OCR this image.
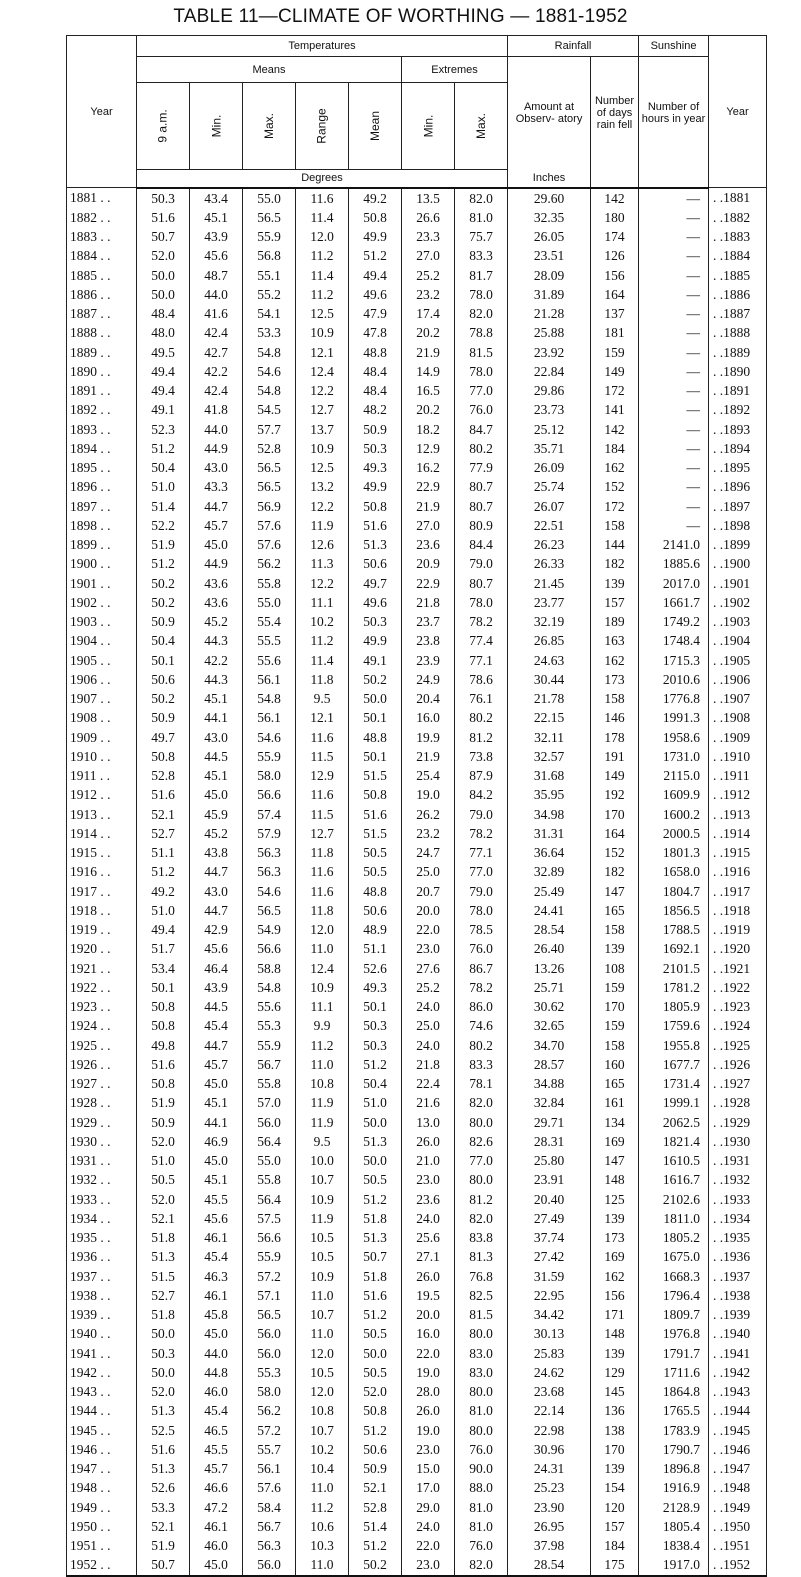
TABLE 11—CLIMATE OF WORTHING — 1881-1952
Year	Temperatures							Rainfall		Sunshine	Year
	Means					Extremes		Amount at Observ- atory	Number of days rain fell	Number of hours in year	
	9 a.m.	Min.	Max.	Range	Mean	Min.	Max.				
	Degrees							Inches			
1881 . .	50.3	43.4	55.0	11.6	49.2	13.5	82.0	29.60	142	—	. .1881
1882 . .	51.6	45.1	56.5	11.4	50.8	26.6	81.0	32.35	180	—	. .1882
1883 . .	50.7	43.9	55.9	12.0	49.9	23.3	75.7	26.05	174	—	. .1883
1884 . .	52.0	45.6	56.8	11.2	51.2	27.0	83.3	23.51	126	—	. .1884
1885 . .	50.0	48.7	55.1	11.4	49.4	25.2	81.7	28.09	156	—	. .1885
1886 . .	50.0	44.0	55.2	11.2	49.6	23.2	78.0	31.89	164	—	. .1886
1887 . .	48.4	41.6	54.1	12.5	47.9	17.4	82.0	21.28	137	—	. .1887
1888 . .	48.0	42.4	53.3	10.9	47.8	20.2	78.8	25.88	181	—	. .1888
1889 . .	49.5	42.7	54.8	12.1	48.8	21.9	81.5	23.92	159	—	. .1889
1890 . .	49.4	42.2	54.6	12.4	48.4	14.9	78.0	22.84	149	—	. .1890
1891 . .	49.4	42.4	54.8	12.2	48.4	16.5	77.0	29.86	172	—	. .1891
1892 . .	49.1	41.8	54.5	12.7	48.2	20.2	76.0	23.73	141	—	. .1892
1893 . .	52.3	44.0	57.7	13.7	50.9	18.2	84.7	25.12	142	—	. .1893
1894 . .	51.2	44.9	52.8	10.9	50.3	12.9	80.2	35.71	184	—	. .1894
1895 . .	50.4	43.0	56.5	12.5	49.3	16.2	77.9	26.09	162	—	. .1895
1896 . .	51.0	43.3	56.5	13.2	49.9	22.9	80.7	25.74	152	—	. .1896
1897 . .	51.4	44.7	56.9	12.2	50.8	21.9	80.7	26.07	172	—	. .1897
1898 . .	52.2	45.7	57.6	11.9	51.6	27.0	80.9	22.51	158	—	. .1898
1899 . .	51.9	45.0	57.6	12.6	51.3	23.6	84.4	26.23	144	2141.0	. .1899
1900 . .	51.2	44.9	56.2	11.3	50.6	20.9	79.0	26.33	182	1885.6	. .1900
1901 . .	50.2	43.6	55.8	12.2	49.7	22.9	80.7	21.45	139	2017.0	. .1901
1902 . .	50.2	43.6	55.0	11.1	49.6	21.8	78.0	23.77	157	1661.7	. .1902
1903 . .	50.9	45.2	55.4	10.2	50.3	23.7	78.2	32.19	189	1749.2	. .1903
1904 . .	50.4	44.3	55.5	11.2	49.9	23.8	77.4	26.85	163	1748.4	. .1904
1905 . .	50.1	42.2	55.6	11.4	49.1	23.9	77.1	24.63	162	1715.3	. .1905
1906 . .	50.6	44.3	56.1	11.8	50.2	24.9	78.6	30.44	173	2010.6	. .1906
1907 . .	50.2	45.1	54.8	9.5	50.0	20.4	76.1	21.78	158	1776.8	. .1907
1908 . .	50.9	44.1	56.1	12.1	50.1	16.0	80.2	22.15	146	1991.3	. .1908
1909 . .	49.7	43.0	54.6	11.6	48.8	19.9	81.2	32.11	178	1958.6	. .1909
1910 . .	50.8	44.5	55.9	11.5	50.1	21.9	73.8	32.57	191	1731.0	. .1910
1911 . .	52.8	45.1	58.0	12.9	51.5	25.4	87.9	31.68	149	2115.0	. .1911
1912 . .	51.6	45.0	56.6	11.6	50.8	19.0	84.2	35.95	192	1609.9	. .1912
1913 . .	52.1	45.9	57.4	11.5	51.6	26.2	79.0	34.98	170	1600.2	. .1913
1914 . .	52.7	45.2	57.9	12.7	51.5	23.2	78.2	31.31	164	2000.5	. .1914
1915 . .	51.1	43.8	56.3	11.8	50.5	24.7	77.1	36.64	152	1801.3	. .1915
1916 . .	51.2	44.7	56.3	11.6	50.5	25.0	77.0	32.89	182	1658.0	. .1916
1917 . .	49.2	43.0	54.6	11.6	48.8	20.7	79.0	25.49	147	1804.7	. .1917
1918 . .	51.0	44.7	56.5	11.8	50.6	20.0	78.0	24.41	165	1856.5	. .1918
1919 . .	49.4	42.9	54.9	12.0	48.9	22.0	78.5	28.54	158	1788.5	. .1919
1920 . .	51.7	45.6	56.6	11.0	51.1	23.0	76.0	26.40	139	1692.1	. .1920
1921 . .	53.4	46.4	58.8	12.4	52.6	27.6	86.7	13.26	108	2101.5	. .1921
1922 . .	50.1	43.9	54.8	10.9	49.3	25.2	78.2	25.71	159	1781.2	. .1922
1923 . .	50.8	44.5	55.6	11.1	50.1	24.0	86.0	30.62	170	1805.9	. .1923
1924 . .	50.8	45.4	55.3	9.9	50.3	25.0	74.6	32.65	159	1759.6	. .1924
1925 . .	49.8	44.7	55.9	11.2	50.3	24.0	80.2	34.70	158	1955.8	. .1925
1926 . .	51.6	45.7	56.7	11.0	51.2	21.8	83.3	28.57	160	1677.7	. .1926
1927 . .	50.8	45.0	55.8	10.8	50.4	22.4	78.1	34.88	165	1731.4	. .1927
1928 . .	51.9	45.1	57.0	11.9	51.0	21.6	82.0	32.84	161	1999.1	. .1928
1929 . .	50.9	44.1	56.0	11.9	50.0	13.0	80.0	29.71	134	2062.5	. .1929
1930 . .	52.0	46.9	56.4	9.5	51.3	26.0	82.6	28.31	169	1821.4	. .1930
1931 . .	51.0	45.0	55.0	10.0	50.0	21.0	77.0	25.80	147	1610.5	. .1931
1932 . .	50.5	45.1	55.8	10.7	50.5	23.0	80.0	23.91	148	1616.7	. .1932
1933 . .	52.0	45.5	56.4	10.9	51.2	23.6	81.2	20.40	125	2102.6	. .1933
1934 . .	52.1	45.6	57.5	11.9	51.8	24.0	82.0	27.49	139	1811.0	. .1934
1935 . .	51.8	46.1	56.6	10.5	51.3	25.6	83.8	37.74	173	1805.2	. .1935
1936 . .	51.3	45.4	55.9	10.5	50.7	27.1	81.3	27.42	169	1675.0	. .1936
1937 . .	51.5	46.3	57.2	10.9	51.8	26.0	76.8	31.59	162	1668.3	. .1937
1938 . .	52.7	46.1	57.1	11.0	51.6	19.5	82.5	22.95	156	1796.4	. .1938
1939 . .	51.8	45.8	56.5	10.7	51.2	20.0	81.5	34.42	171	1809.7	. .1939
1940 . .	50.0	45.0	56.0	11.0	50.5	16.0	80.0	30.13	148	1976.8	. .1940
1941 . .	50.3	44.0	56.0	12.0	50.0	22.0	83.0	25.83	139	1791.7	. .1941
1942 . .	50.0	44.8	55.3	10.5	50.5	19.0	83.0	24.62	129	1711.6	. .1942
1943 . .	52.0	46.0	58.0	12.0	52.0	28.0	80.0	23.68	145	1864.8	. .1943
1944 . .	51.3	45.4	56.2	10.8	50.8	26.0	81.0	22.14	136	1765.5	. .1944
1945 . .	52.5	46.5	57.2	10.7	51.2	19.0	80.0	22.98	138	1783.9	. .1945
1946 . .	51.6	45.5	55.7	10.2	50.6	23.0	76.0	30.96	170	1790.7	. .1946
1947 . .	51.3	45.7	56.1	10.4	50.9	15.0	90.0	24.31	139	1896.8	. .1947
1948 . .	52.6	46.6	57.6	11.0	52.1	17.0	88.0	25.23	154	1916.9	. .1948
1949 . .	53.3	47.2	58.4	11.2	52.8	29.0	81.0	23.90	120	2128.9	. .1949
1950 . .	52.1	46.1	56.7	10.6	51.4	24.0	81.0	26.95	157	1805.4	. .1950
1951 . .	51.9	46.0	56.3	10.3	51.2	22.0	76.0	37.98	184	1838.4	. .1951
1952 . .	50.7	45.0	56.0	11.0	50.2	23.0	82.0	28.54	175	1917.0	. .1952
